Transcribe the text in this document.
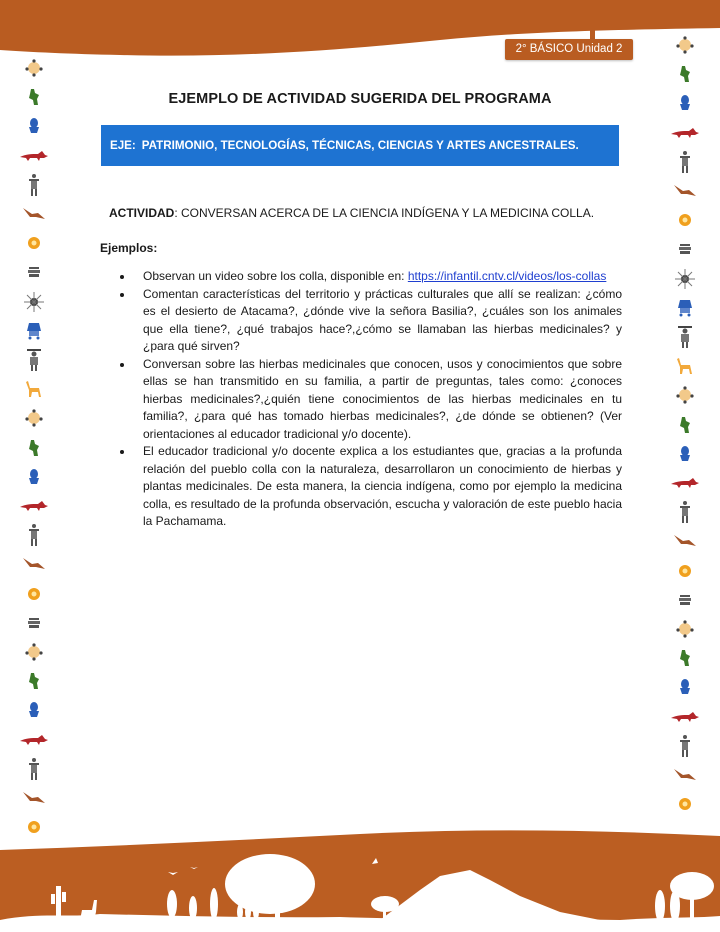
2° BÁSICO Unidad 2
EJEMPLO DE ACTIVIDAD SUGERIDA DEL PROGRAMA
EJE: PATRIMONIO, TECNOLOGÍAS, TÉCNICAS, CIENCIAS Y ARTES ANCESTRALES.
ACTIVIDAD: CONVERSAN ACERCA DE LA CIENCIA INDÍGENA Y LA MEDICINA COLLA.
Ejemplos:
Observan un video sobre los colla, disponible en: https://infantil.cntv.cl/videos/los-collas
Comentan características del territorio y prácticas culturales que allí se realizan: ¿cómo es el desierto de Atacama?, ¿dónde vive la señora Basilia?, ¿cuáles son los animales que ella tiene?, ¿qué trabajos hace?,¿cómo se llamaban las hierbas medicinales? y ¿para qué sirven?
Conversan sobre las hierbas medicinales que conocen, usos y conocimientos que sobre ellas se han transmitido en su familia, a partir de preguntas, tales como: ¿conoces hierbas medicinales?,¿quién tiene conocimientos de las hierbas medicinales en tu familia?, ¿para qué has tomado hierbas medicinales?, ¿de dónde se obtienen? (Ver orientaciones al educador tradicional y/o docente).
El educador tradicional y/o docente explica a los estudiantes que, gracias a la profunda relación del pueblo colla con la naturaleza, desarrollaron un conocimiento de hierbas y plantas medicinales. De esta manera, la ciencia indígena, como por ejemplo la medicina colla, es resultado de la profunda observación, escucha y valoración de este pueblo hacia la Pachamama.
